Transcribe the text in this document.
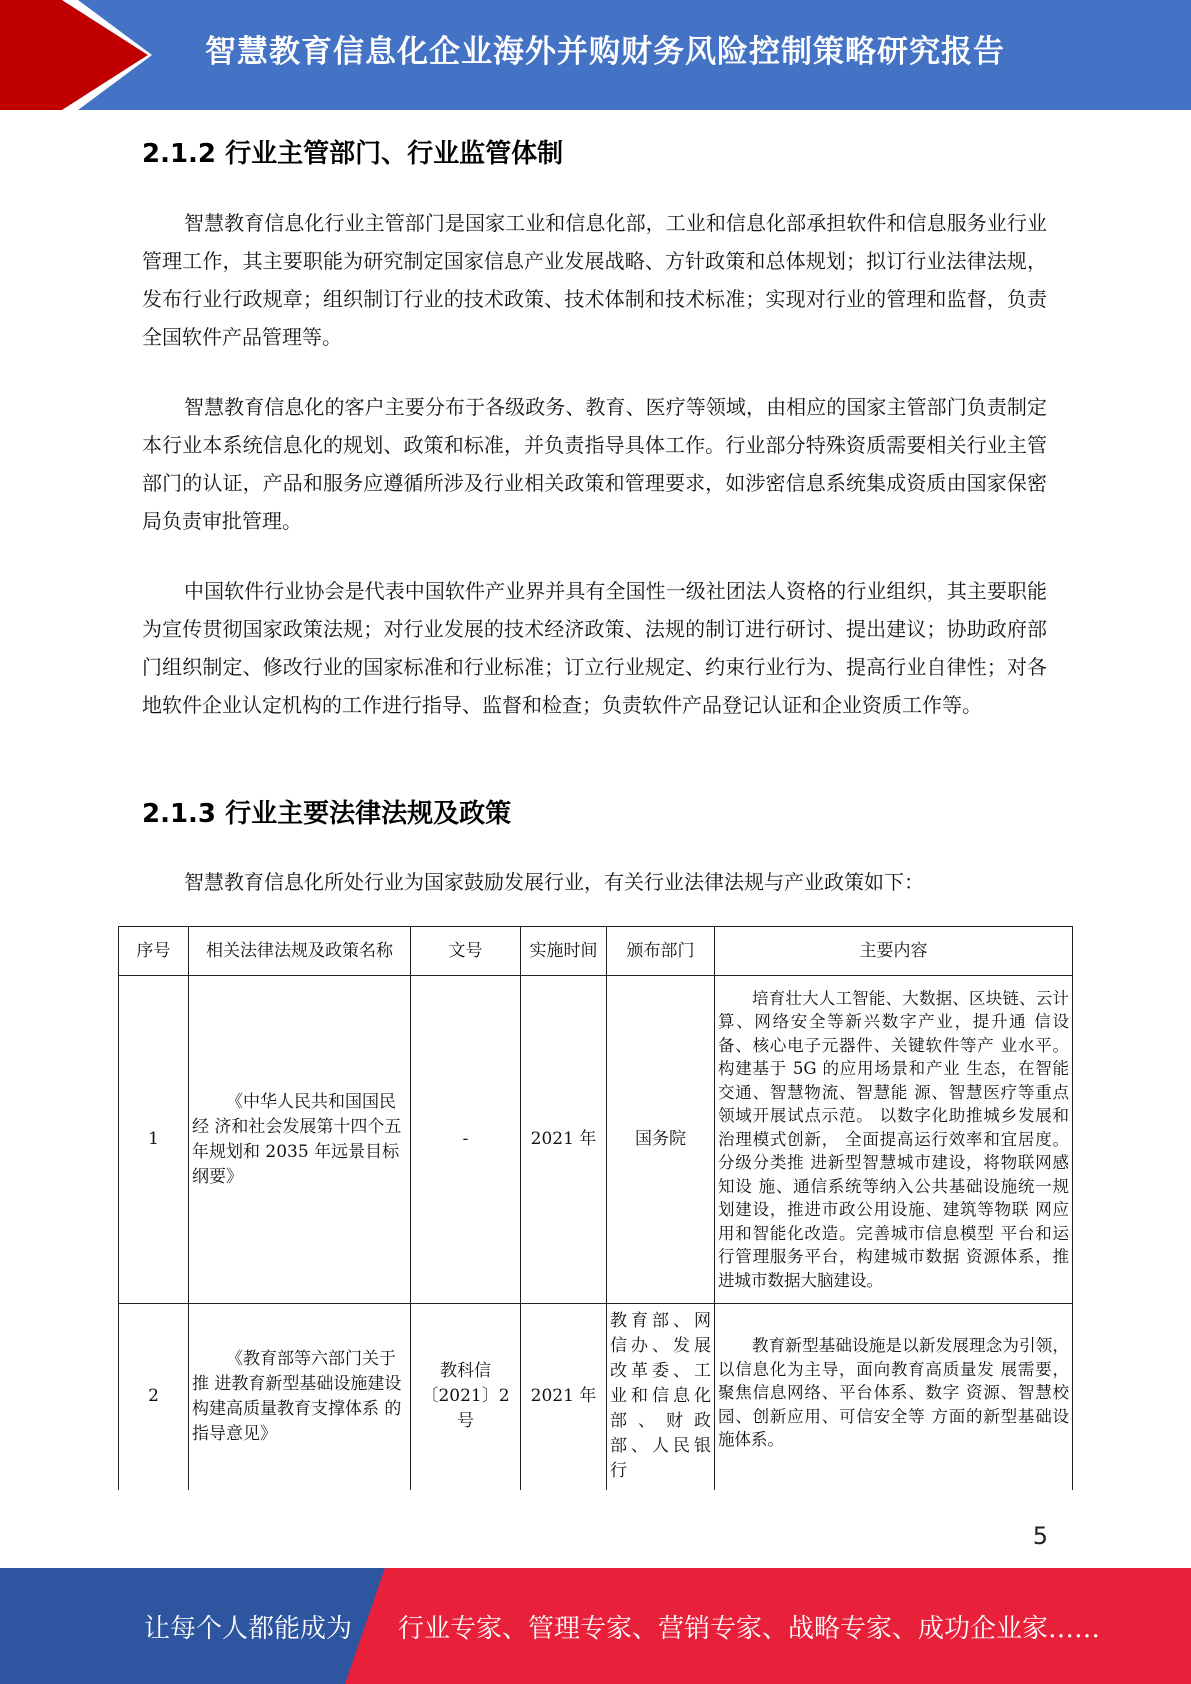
智慧教育信息化企业海外并购财务风险控制策略研究报告
2.1.2 行业主管部门、行业监管体制
智慧教育信息化行业主管部门是国家工业和信息化部，工业和信息化部承担软件和信息服务业行业管理工作，其主要职能为研究制定国家信息产业发展战略、方针政策和总体规划；拟订行业法律法规，发布行业行政规章；组织制订行业的技术政策、技术体制和技术标准；实现对行业的管理和监督，负责全国软件产品管理等。
智慧教育信息化的客户主要分布于各级政务、教育、医疗等领域，由相应的国家主管部门负责制定本行业本系统信息化的规划、政策和标准，并负责指导具体工作。行业部分特殊资质需要相关行业主管部门的认证，产品和服务应遵循所涉及行业相关政策和管理要求，如涉密信息系统集成资质由国家保密局负责审批管理。
中国软件行业协会是代表中国软件产业界并具有全国性一级社团法人资格的行业组织，其主要职能为宣传贯彻国家政策法规；对行业发展的技术经济政策、法规的制订进行研讨、提出建议；协助政府部门组织制定、修改行业的国家标准和行业标准；订立行业规定、约束行业行为、提高行业自律性；对各地软件企业认定机构的工作进行指导、监督和检查；负责软件产品登记认证和企业资质工作等。
2.1.3 行业主要法律法规及政策
智慧教育信息化所处行业为国家鼓励发展行业，有关行业法律法规与产业政策如下：
序号	相关法律法规及政策名称	文号	实施时间	颁布部门	主要内容
1	《中华人民共和国国民经 济和社会发展第十四个五 年规划和 2035 年远景目标纲要》	-	2021 年	国务院	培育壮大人工智能、大数据、区块链、云计算、网络安全等新兴数字产业，提升通 信设备、核心电子元器件、关键软件等产 业水平。构建基于 5G 的应用场景和产业 生态，在智能交通、智慧物流、智慧能 源、智慧医疗等重点领域开展试点示范。 以数字化助推城乡发展和治理模式创新， 全面提高运行效率和宜居度。分级分类推 进新型智慧城市建设，将物联网感知设 施、通信系统等纳入公共基础设施统一规 划建设，推进市政公用设施、建筑等物联 网应用和智能化改造。完善城市信息模型 平台和运行管理服务平台，构建城市数据 资源体系，推进城市数据大脑建设。
2	《教育部等六部门关于推 进教育新型基础设施建设 构建高质量教育支撑体系 的指导意见》	教科信〔2021〕2 号	2021 年	教育部、网信办、发展改革委、工业和信息化部、财政部、人民银行	教育新型基础设施是以新发展理念为引领，以信息化为主导，面向教育高质量发 展需要，聚焦信息网络、平台体系、数字 资源、智慧校园、创新应用、可信安全等 方面的新型基础设施体系。
5
让每个人都能成为 行业专家、管理专家、营销专家、战略专家、成功企业家……
